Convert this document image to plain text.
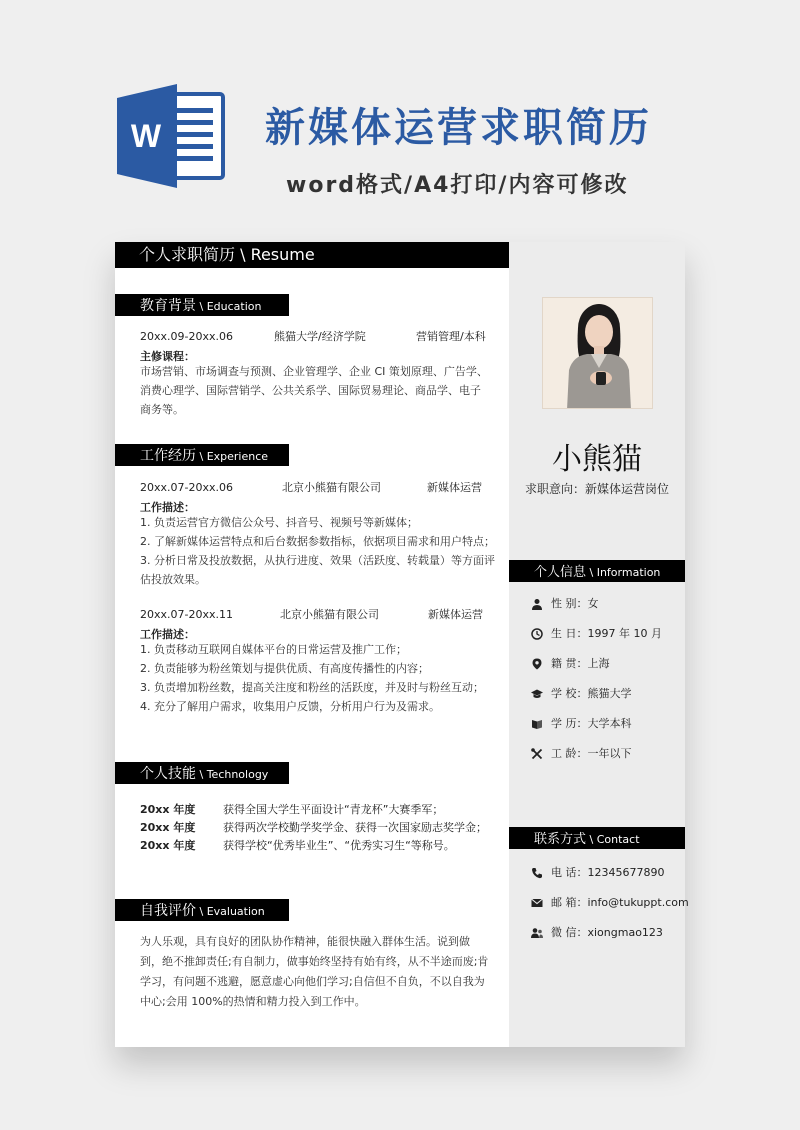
W	新媒体运营求职简历
word格式/A4打印/内容可修改
个人求职简历 \ Resume
教育背景 \ Education
20xx.09-20xx.06	熊猫大学/经济学院	营销管理/本科
主修课程：
市场营销、市场调查与预测、企业管理学、企业 CI 策划原理、广告学、消费心理学、国际营销学、公共关系学、国际贸易理论、商品学、电子商务等。
工作经历 \ Experience
20xx.07-20xx.06	北京小熊猫有限公司	新媒体运营
工作描述：
1. 负责运营官方微信公众号、抖音号、视频号等新媒体；
2. 了解新媒体运营特点和后台数据参数指标，依据项目需求和用户特点；
3. 分析日常及投放数据，从执行进度、效果（活跃度、转载量）等方面评估投放效果。
20xx.07-20xx.11	北京小熊猫有限公司	新媒体运营
工作描述：
1. 负责移动互联网自媒体平台的日常运营及推广工作；
2. 负责能够为粉丝策划与提供优质、有高度传播性的内容；
3. 负责增加粉丝数，提高关注度和粉丝的活跃度，并及时与粉丝互动；
4. 充分了解用户需求，收集用户反馈，分析用户行为及需求。
个人技能 \ Technology
20xx 年度	获得全国大学生平面设计“青龙杯”大赛季军；
20xx 年度	获得两次学校勤学奖学金、获得一次国家励志奖学金；
20xx 年度	获得学校“优秀毕业生”、“优秀实习生“等称号。
自我评价 \ Evaluation
为人乐观，具有良好的团队协作精神，能很快融入群体生活。说到做到，绝不推卸责任;有自制力，做事始终坚持有始有终，从不半途而废;肯学习，有问题不逃避，愿意虚心向他们学习;自信但不自负，不以自我为中心;会用 100%的热情和精力投入到工作中。
小熊猫
求职意向：新媒体运营岗位
个人信息 \ Information
性 别：女
生 日：1997 年 10 月
籍 贯：上海
学 校：熊猫大学
学 历：大学本科
工 龄：一年以下
联系方式 \ Contact
电 话：12345677890
邮 箱：info@tukuppt.com
微 信：xiongmao123
